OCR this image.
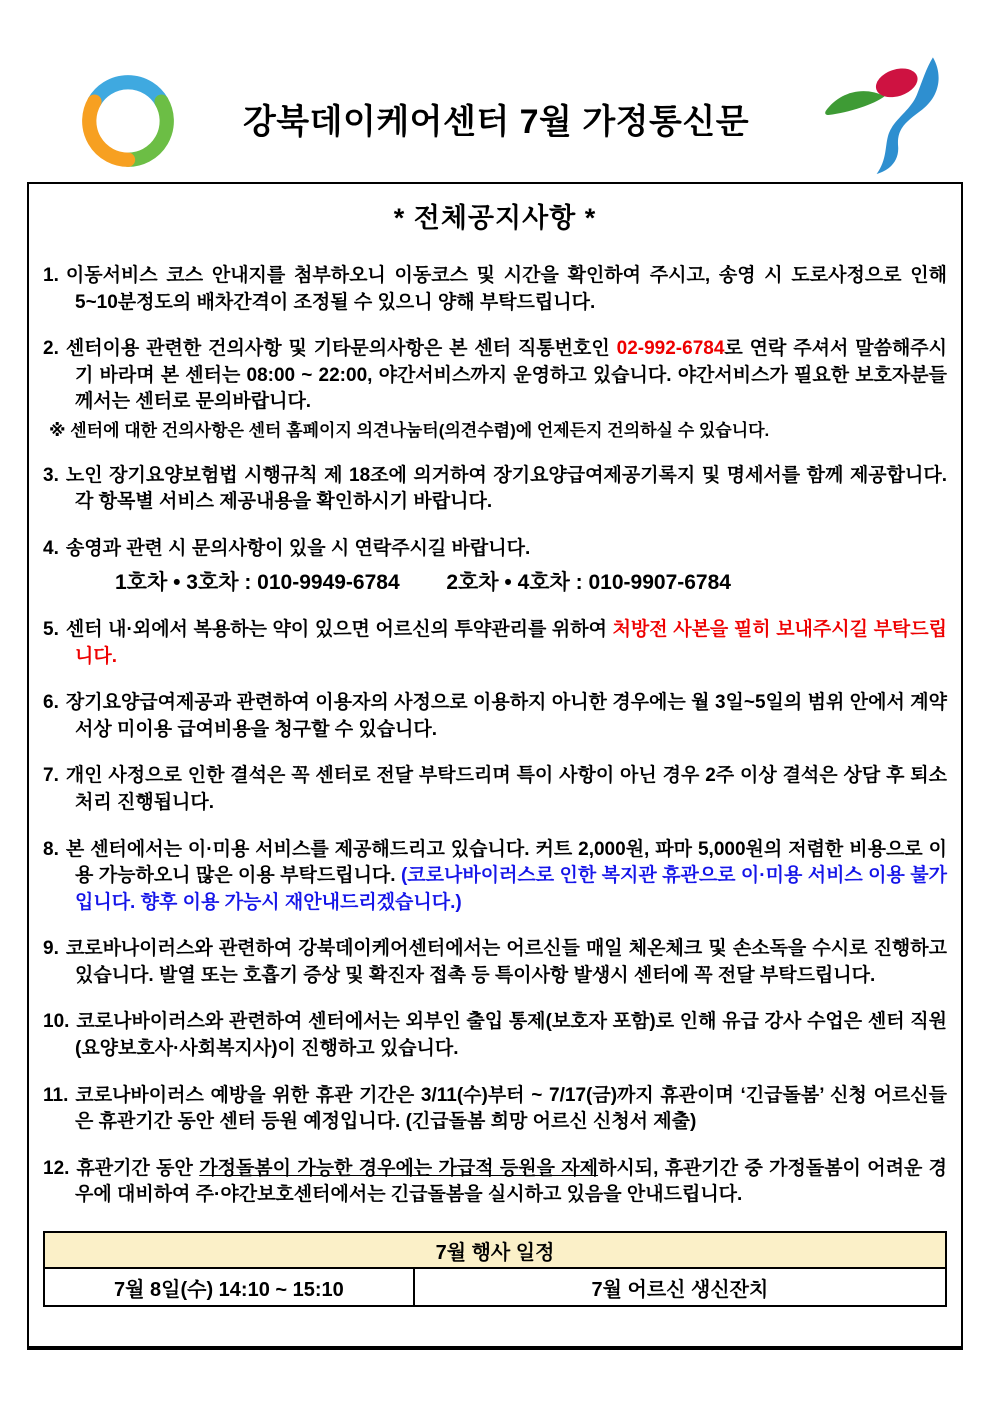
강북데이케어센터 7월 가정통신문
* 전체공지사항 *
1. 이동서비스 코스 안내지를 첨부하오니 이동코스 및 시간을 확인하여 주시고, 송영 시 도로사정으로 인해 5~10분정도의 배차간격이 조정될 수 있으니 양해 부탁드립니다.
2. 센터이용 관련한 건의사항 및 기타문의사항은 본 센터 직통번호인 02-992-6784로 연락 주셔서 말씀해주시기 바라며 본 센터는 08:00 ~ 22:00, 야간서비스까지 운영하고 있습니다. 야간서비스가 필요한 보호자분들께서는 센터로 문의바랍니다.
※ 센터에 대한 건의사항은 센터 홈페이지 의견나눔터(의견수렴)에 언제든지 건의하실 수 있습니다.
3. 노인 장기요양보험법 시행규칙 제 18조에 의거하여 장기요양급여제공기록지 및 명세서를 함께 제공합니다. 각 항목별 서비스 제공내용을 확인하시기 바랍니다.
4. 송영과 관련 시 문의사항이 있을 시 연락주시길 바랍니다.
1호차 • 3호차 : 010-9949-6784        2호차 • 4호차 : 010-9907-6784
5. 센터 내·외에서 복용하는 약이 있으면 어르신의 투약관리를 위하여 처방전 사본을 필히 보내주시길 부탁드립니다.
6. 장기요양급여제공과 관련하여 이용자의 사정으로 이용하지 아니한 경우에는 월 3일~5일의 범위 안에서 계약서상 미이용 급여비용을 청구할 수 있습니다.
7. 개인 사정으로 인한 결석은 꼭 센터로 전달 부탁드리며 특이 사항이 아닌 경우 2주 이상 결석은 상담 후 퇴소처리 진행됩니다.
8. 본 센터에서는 이·미용 서비스를 제공해드리고 있습니다. 커트 2,000원, 파마 5,000원의 저렴한 비용으로 이용 가능하오니 많은 이용 부탁드립니다. (코로나바이러스로 인한 복지관 휴관으로 이·미용 서비스 이용 불가입니다. 향후 이용 가능시 재안내드리겠습니다.)
9. 코로바나이러스와 관련하여 강북데이케어센터에서는 어르신들 매일 체온체크 및 손소독을 수시로 진행하고 있습니다. 발열 또는 호흡기 증상 및 확진자 접촉 등 특이사항 발생시 센터에 꼭 전달 부탁드립니다.
10. 코로나바이러스와 관련하여 센터에서는 외부인 출입 통제(보호자 포함)로 인해 유급 강사 수업은 센터 직원(요양보호사·사회복지사)이 진행하고 있습니다.
11. 코로나바이러스 예방을 위한 휴관 기간은 3/11(수)부터 ~ 7/17(금)까지 휴관이며 ‘긴급돌봄’ 신청 어르신들은 휴관기간 동안 센터 등원 예정입니다. (긴급돌봄 희망 어르신 신청서 제출)
12. 휴관기간 동안 가정돌봄이 가능한 경우에는 가급적 등원을 자제하시되, 휴관기간 중 가정돌봄이 어려운 경우에 대비하여 주·야간보호센터에서는 긴급돌봄을 실시하고 있음을 안내드립니다.
7월 행사 일정
7월 8일(수) 14:10 ~ 15:10	7월 어르신 생신잔치
